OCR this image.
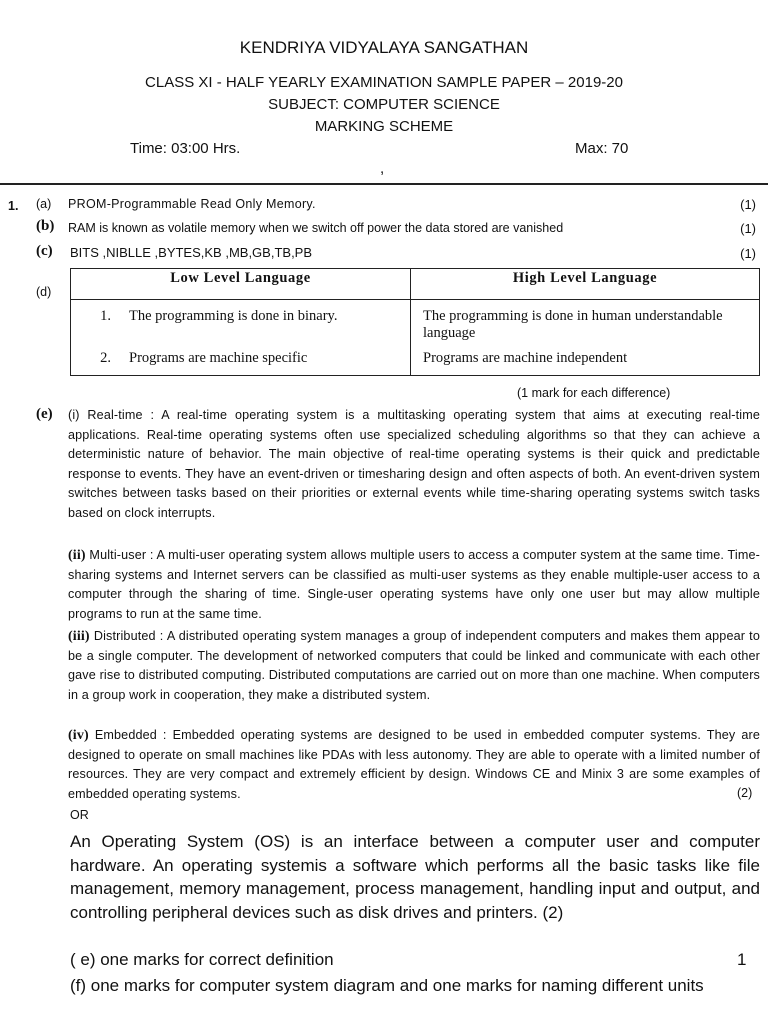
KENDRIYA VIDYALAYA SANGATHAN
CLASS XI - HALF YEARLY EXAMINATION SAMPLE PAPER – 2019-20
SUBJECT: COMPUTER SCIENCE
MARKING SCHEME
Time: 03:00 Hrs.	Max: 70
,
1. (a) PROM-Programmable Read Only Memory.	(1)
(b) RAM is known as volatile memory when we switch off power the data stored are vanished	(1)
(c) BITS ,NIBLLE ,BYTES,KB ,MB,GB,TB,PB	(1)
(d)
Low Level Language	High Level Language
1. The programming is done in binary.	The programming is done in human understandable language
2. Programs are machine specific	Programs are machine independent
(1 mark for each difference)
(e) (i) Real-time : A real-time operating system is a multitasking operating system that aims at executing real-time applications. Real-time operating systems often use specialized scheduling algorithms so that they can achieve a deterministic nature of behavior. The main objective of real-time operating systems is their quick and predictable response to events. They have an event-driven or timesharing design and often aspects of both. An event-driven system switches between tasks based on their priorities or external events while time-sharing operating systems switch tasks based on clock interrupts.
(ii) Multi-user : A multi-user operating system allows multiple users to access a computer system at the same time. Time-sharing systems and Internet servers can be classified as multi-user systems as they enable multiple-user access to a computer through the sharing of time. Single-user operating systems have only one user but may allow multiple programs to run at the same time.
(iii) Distributed : A distributed operating system manages a group of independent computers and makes them appear to be a single computer. The development of networked computers that could be linked and communicate with each other gave rise to distributed computing. Distributed computations are carried out on more than one machine. When computers in a group work in cooperation, they make a distributed system.
(iv) Embedded : Embedded operating systems are designed to be used in embedded computer systems. They are designed to operate on small machines like PDAs with less autonomy. They are able to operate with a limited number of resources. They are very compact and extremely efficient by design. Windows CE and Minix 3 are some examples of embedded operating systems.	(2)
OR
An Operating System (OS) is an interface between a computer user and computer hardware. An operating systemis a software which performs all the basic tasks like file management, memory management, process management, handling input and output, and controlling peripheral devices such as disk drives and printers. (2)
( e) one marks for correct definition	1
(f) one marks for computer system diagram and one marks for naming different units
